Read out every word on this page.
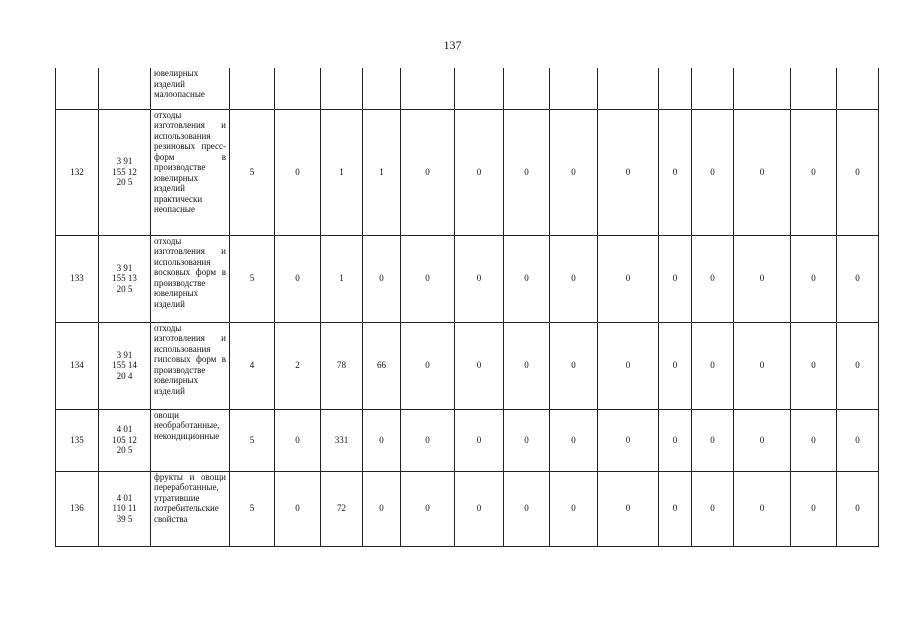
137
		ювелирных
изделий
малоопасные														
132	3 91
155 12
20 5	отходы изготовления и использования резиновых пресс-форм в производстве ювелирных изделий практически неопасные	5	0	1	1	0	0	0	0	0	0	0	0	0	0
133	3 91
155 13
20 5	отходы изготовления и использования восковых форм в производстве ювелирных изделий	5	0	1	0	0	0	0	0	0	0	0	0	0	0
134	3 91
155 14
20 4	отходы изготовления и использования гипсовых форм в производстве ювелирных изделий	4	2	78	66	0	0	0	0	0	0	0	0	0	0
135	4 01
105 12
20 5	овощи необработанные, некондиционные	5	0	331	0	0	0	0	0	0	0	0	0	0	0
136	4 01
110 11
39 5	фрукты и овощи переработанные, утратившие потребительские свойства	5	0	72	0	0	0	0	0	0	0	0	0	0	0
